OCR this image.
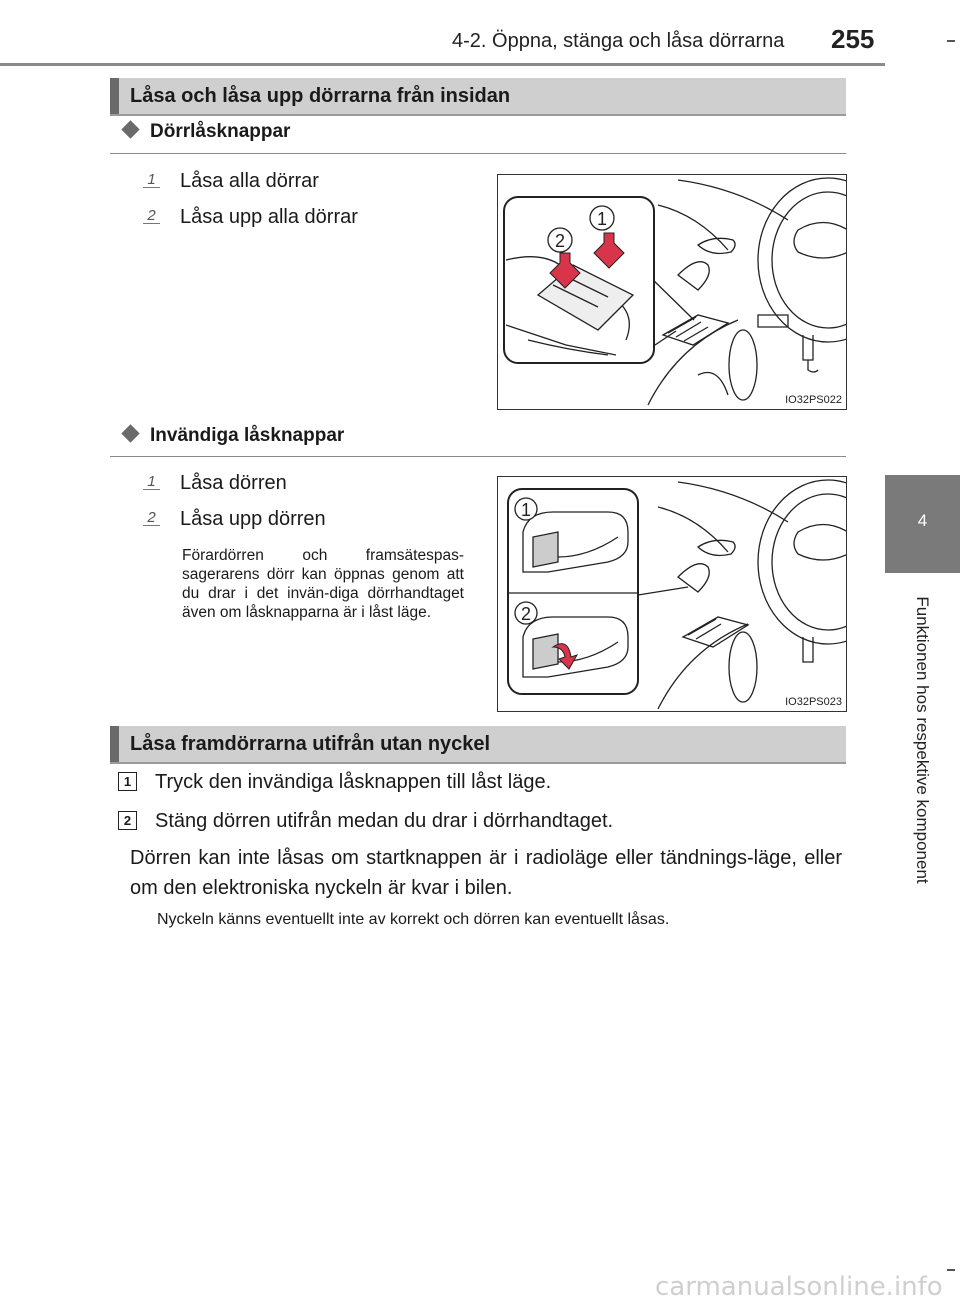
4-2. Öppna, stänga och låsa dörrarna 255
4
Funktionen hos respektive komponent
Låsa och låsa upp dörrarna från insidan
Dörrlåsknappar
1 Låsa alla dörrar
2 Låsa upp alla dörrar	1
2
IO32PS022
Invändiga låsknappar
1 Låsa dörren
2 Låsa upp dörren
Förardörren och framsätespas-sagerarens dörr kan öppnas genom att du drar i det invän-diga dörrhandtaget även om låsknapparna är i låst läge.
1
2
IO32PS023
Låsa framdörrarna utifrån utan nyckel
1 Tryck den invändiga låsknappen till låst läge.
2 Stäng dörren utifrån medan du drar i dörrhandtaget.
Dörren kan inte låsas om startknappen är i radioläge eller tändnings-läge, eller om den elektroniska nyckeln är kvar i bilen.
Nyckeln känns eventuellt inte av korrekt och dörren kan eventuellt låsas.
carmanualsonline.info
